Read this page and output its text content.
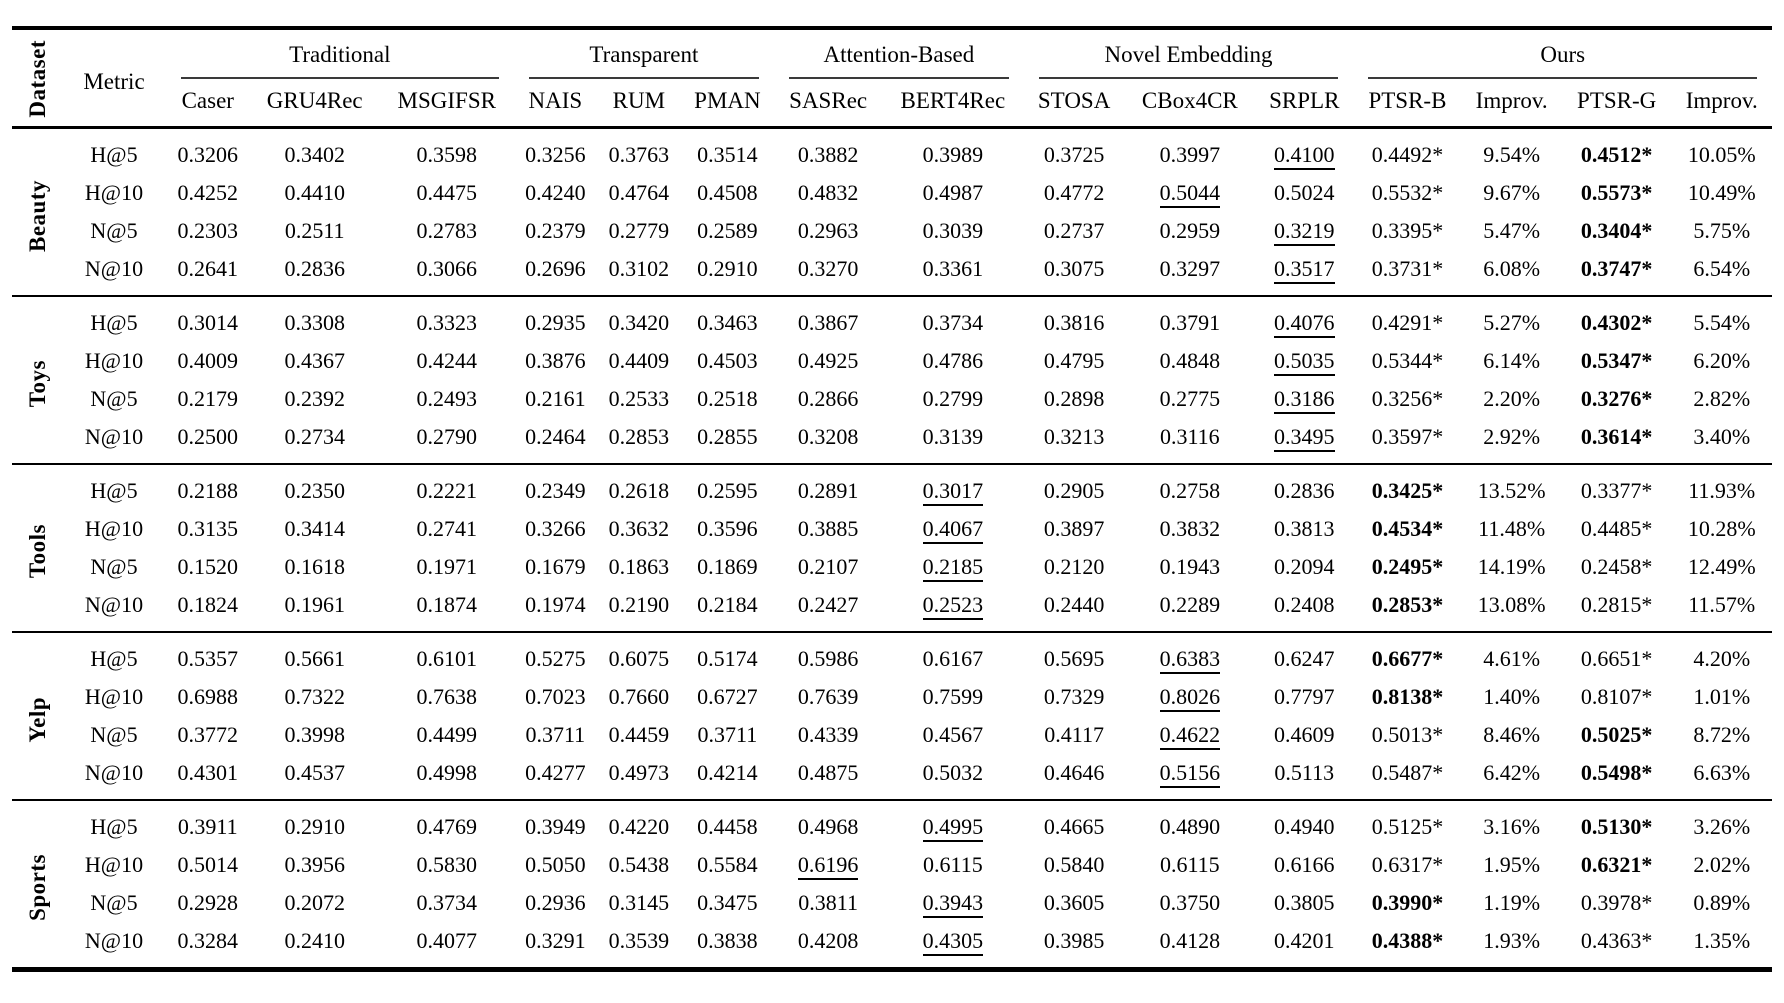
Dataset	Metric	Traditional			Transparent			Attention-Based		Novel Embedding			Ours			

		Caser	GRU4Rec	MSGIFSR	NAIS	RUM	PMAN	SASRec	BERT4Rec	STOSA	CBox4CR	SRPLR	PTSR-B	Improv.	PTSR-G	Improv.
Beauty	H@5	0.3206	0.3402	0.3598	0.3256	0.3763	0.3514	0.3882	0.3989	0.3725	0.3997	0.4100	0.4492*	9.54%	0.4512*	10.05%
	H@10	0.4252	0.4410	0.4475	0.4240	0.4764	0.4508	0.4832	0.4987	0.4772	0.5044	0.5024	0.5532*	9.67%	0.5573*	10.49%
	N@5	0.2303	0.2511	0.2783	0.2379	0.2779	0.2589	0.2963	0.3039	0.2737	0.2959	0.3219	0.3395*	5.47%	0.3404*	5.75%
	N@10	0.2641	0.2836	0.3066	0.2696	0.3102	0.2910	0.3270	0.3361	0.3075	0.3297	0.3517	0.3731*	6.08%	0.3747*	6.54%
Toys	H@5	0.3014	0.3308	0.3323	0.2935	0.3420	0.3463	0.3867	0.3734	0.3816	0.3791	0.4076	0.4291*	5.27%	0.4302*	5.54%
	H@10	0.4009	0.4367	0.4244	0.3876	0.4409	0.4503	0.4925	0.4786	0.4795	0.4848	0.5035	0.5344*	6.14%	0.5347*	6.20%
	N@5	0.2179	0.2392	0.2493	0.2161	0.2533	0.2518	0.2866	0.2799	0.2898	0.2775	0.3186	0.3256*	2.20%	0.3276*	2.82%
	N@10	0.2500	0.2734	0.2790	0.2464	0.2853	0.2855	0.3208	0.3139	0.3213	0.3116	0.3495	0.3597*	2.92%	0.3614*	3.40%
Tools	H@5	0.2188	0.2350	0.2221	0.2349	0.2618	0.2595	0.2891	0.3017	0.2905	0.2758	0.2836	0.3425*	13.52%	0.3377*	11.93%
	H@10	0.3135	0.3414	0.2741	0.3266	0.3632	0.3596	0.3885	0.4067	0.3897	0.3832	0.3813	0.4534*	11.48%	0.4485*	10.28%
	N@5	0.1520	0.1618	0.1971	0.1679	0.1863	0.1869	0.2107	0.2185	0.2120	0.1943	0.2094	0.2495*	14.19%	0.2458*	12.49%
	N@10	0.1824	0.1961	0.1874	0.1974	0.2190	0.2184	0.2427	0.2523	0.2440	0.2289	0.2408	0.2853*	13.08%	0.2815*	11.57%
Yelp	H@5	0.5357	0.5661	0.6101	0.5275	0.6075	0.5174	0.5986	0.6167	0.5695	0.6383	0.6247	0.6677*	4.61%	0.6651*	4.20%
	H@10	0.6988	0.7322	0.7638	0.7023	0.7660	0.6727	0.7639	0.7599	0.7329	0.8026	0.7797	0.8138*	1.40%	0.8107*	1.01%
	N@5	0.3772	0.3998	0.4499	0.3711	0.4459	0.3711	0.4339	0.4567	0.4117	0.4622	0.4609	0.5013*	8.46%	0.5025*	8.72%
	N@10	0.4301	0.4537	0.4998	0.4277	0.4973	0.4214	0.4875	0.5032	0.4646	0.5156	0.5113	0.5487*	6.42%	0.5498*	6.63%
Sports	H@5	0.3911	0.2910	0.4769	0.3949	0.4220	0.4458	0.4968	0.4995	0.4665	0.4890	0.4940	0.5125*	3.16%	0.5130*	3.26%
	H@10	0.5014	0.3956	0.5830	0.5050	0.5438	0.5584	0.6196	0.6115	0.5840	0.6115	0.6166	0.6317*	1.95%	0.6321*	2.02%
	N@5	0.2928	0.2072	0.3734	0.2936	0.3145	0.3475	0.3811	0.3943	0.3605	0.3750	0.3805	0.3990*	1.19%	0.3978*	0.89%
	N@10	0.3284	0.2410	0.4077	0.3291	0.3539	0.3838	0.4208	0.4305	0.3985	0.4128	0.4201	0.4388*	1.93%	0.4363*	1.35%
